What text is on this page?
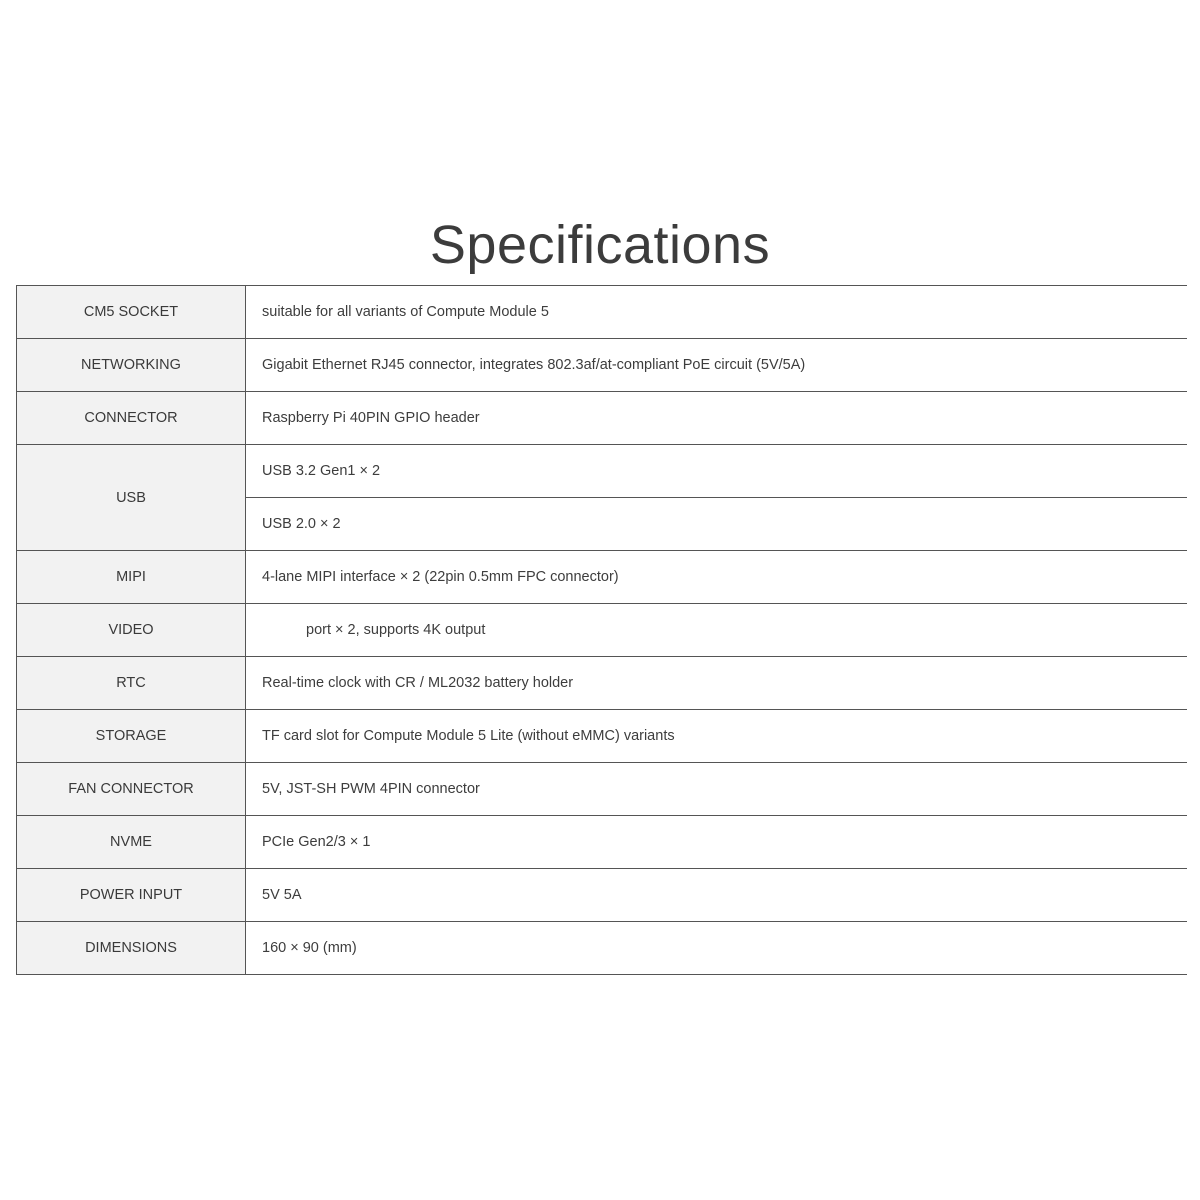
Specifications
CM5 SOCKET	suitable for all variants of Compute Module 5
NETWORKING	Gigabit Ethernet RJ45 connector, integrates 802.3af/at-compliant PoE circuit (5V/5A)
CONNECTOR	Raspberry Pi 40PIN GPIO header
USB	USB 3.2 Gen1 × 2
	USB 2.0 × 2
MIPI	4-lane MIPI interface × 2 (22pin 0.5mm FPC connector)
VIDEO	port × 2, supports 4K output
RTC	Real-time clock with CR / ML2032 battery holder
STORAGE	TF card slot for Compute Module 5 Lite (without eMMC) variants
FAN CONNECTOR	5V, JST-SH PWM 4PIN connector
NVME	PCIe Gen2/3 × 1
POWER INPUT	5V 5A
DIMENSIONS	160 × 90 (mm)
